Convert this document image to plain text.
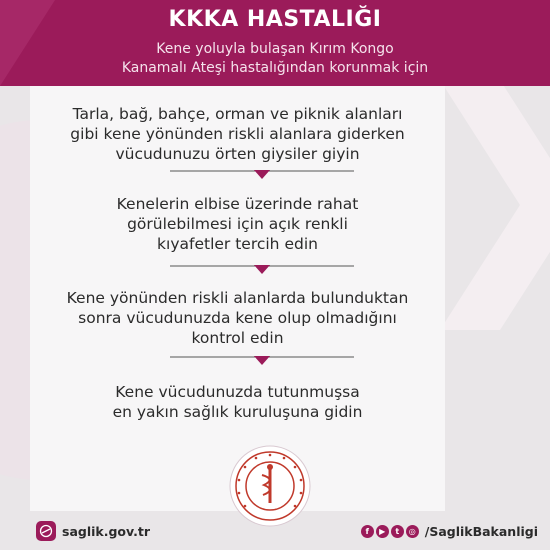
KKKA HASTALIĞI
Kene yoluyla bulaşan Kırım Kongo
Kanamalı Ateşi hastalığından korunmak için

Tarla, bağ, bahçe, orman ve piknik alanları

gibi kene yönünden riskli alanlara giderken

vücudunuzu örten giysiler giyin

Kenelerin elbise üzerinde rahat

görülebilmesi için açık renkli

kıyafetler tercih edin

Kene yönünden riskli alanlarda bulunduktan

sonra vücudunuzda kene olup olmadığını

kontrol edin

Kene vücudunuzda tutunmuşsa

en yakın sağlık kuruluşuna gidin

saglik.gov.tr	f	▶	t	◎ /SaglikBakanligi
